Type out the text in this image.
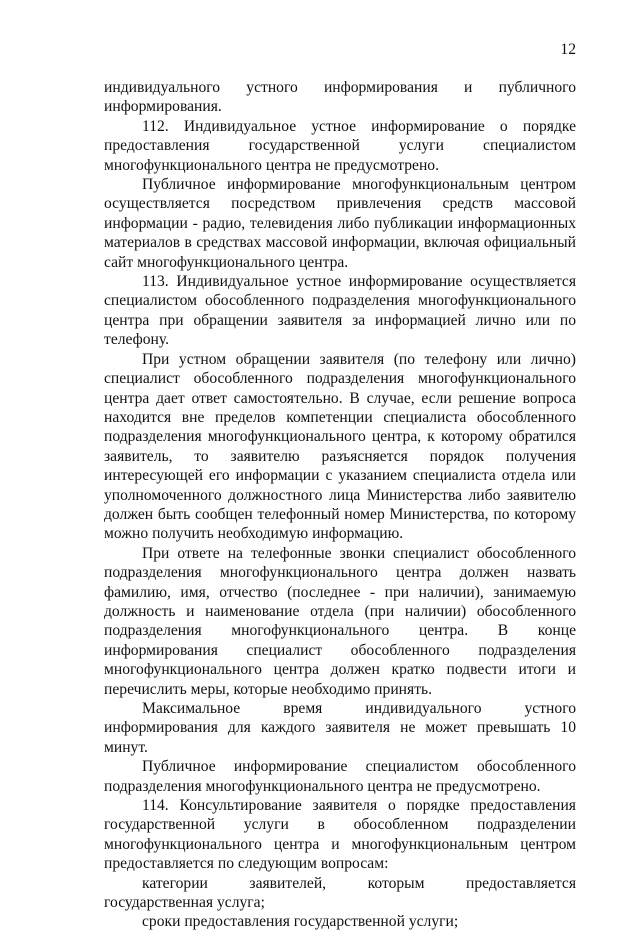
12

индивидуального устного информирования и публичного информирования.

112. Индивидуальное устное информирование о порядке предоставления государственной услуги специалистом многофункционального центра не предусмотрено.

Публичное информирование многофункциональным центром осуществляется посредством привлечения средств массовой информации - радио, телевидения либо публикации информационных материалов в средствах массовой информации, включая официальный сайт многофункционального центра.

113. Индивидуальное устное информирование осуществляется специалистом обособленного подразделения многофункционального центра при обращении заявителя за информацией лично или по телефону.

При устном обращении заявителя (по телефону или лично) специалист обособленного подразделения многофункционального центра дает ответ самостоятельно. В случае, если решение вопроса находится вне пределов компетенции специалиста обособленного подразделения многофункционального центра, к которому обратился заявитель, то заявителю разъясняется порядок получения интересующей его информации с указанием специалиста отдела или уполномоченного должностного лица Министерства либо заявителю должен быть сообщен телефонный номер Министерства, по которому можно получить необходимую информацию.

При ответе на телефонные звонки специалист обособленного подразделения многофункционального центра должен назвать фамилию, имя, отчество (последнее - при наличии), занимаемую должность и наименование отдела (при наличии) обособленного подразделения многофункционального центра. В конце информирования специалист обособленного подразделения многофункционального центра должен кратко подвести итоги и перечислить меры, которые необходимо принять.

Максимальное время индивидуального устного информирования для каждого заявителя не может превышать 10 минут.

Публичное информирование специалистом обособленного подразделения многофункционального центра не предусмотрено.

114. Консультирование заявителя о порядке предоставления государственной услуги в обособленном подразделении многофункционального центра и многофункциональным центром предоставляется по следующим вопросам:

категории заявителей, которым предоставляется государственная услуга;

сроки предоставления государственной услуги;
